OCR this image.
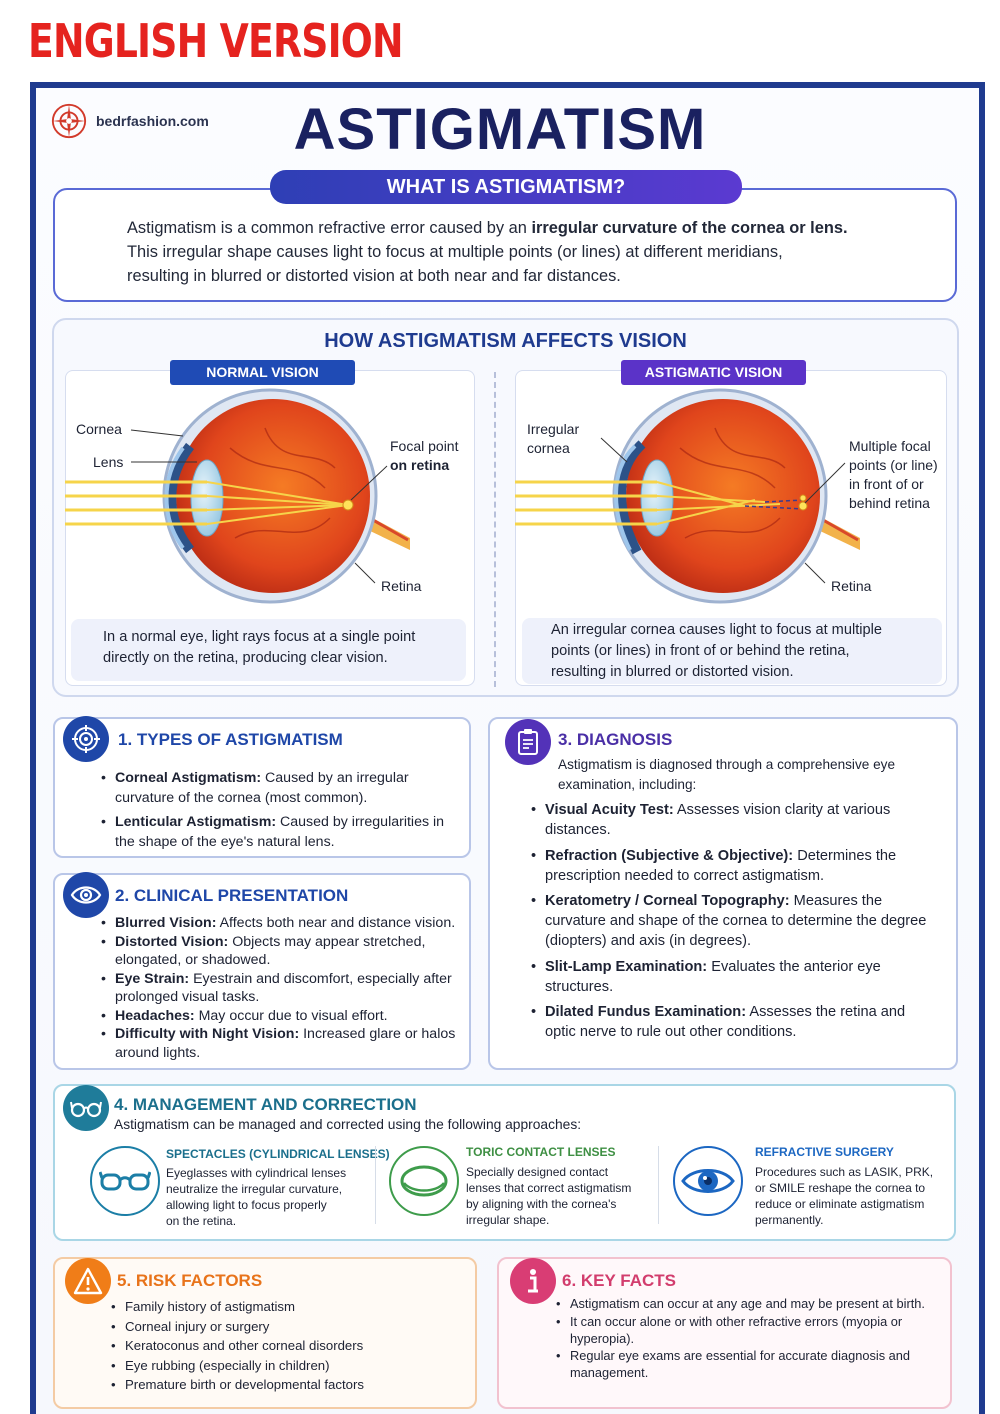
ENGLISH VERSION
bedrfashion.com	ASTIGMATISM
Astigmatism is a common refractive error caused by an irregular curvature of the cornea or lens.
This irregular shape causes light to focus at multiple points (or lines) at different meridians,
resulting in blurred or distorted vision at both near and far distances.
WHAT IS ASTIGMATISM?
HOW ASTIGMATISM AFFECTS VISION
NORMAL VISION	ASTIGMATIC VISION
Cornea
Lens
Focal point
on retina
Retina
In a normal eye, light rays focus at a single point
directly on the retina, producing clear vision.
Irregular
cornea	Multiple focal
points (or line)
in front of or
behind retina
Retina
An irregular cornea causes light to focus at multiple
points (or lines) in front of or behind the retina,
resulting in blurred or distorted vision.
1. TYPES OF ASTIGMATISM
• Corneal Astigmatism: Caused by an irregular curvature of the cornea (most common).
• Lenticular Astigmatism: Caused by irregularities in the shape of the eye's natural lens.
2. CLINICAL PRESENTATION
• Blurred Vision: Affects both near and distance vision.
• Distorted Vision: Objects may appear stretched, elongated, or shadowed.
• Eye Strain: Eyestrain and discomfort, especially after prolonged visual tasks.
• Headaches: May occur due to visual effort.
• Difficulty with Night Vision: Increased glare or halos around lights.
3. DIAGNOSIS
Astigmatism is diagnosed through a comprehensive eye examination, including:
• Visual Acuity Test: Assesses vision clarity at various distances.
• Refraction (Subjective & Objective): Determines the prescription needed to correct astigmatism.
• Keratometry / Corneal Topography: Measures the curvature and shape of the cornea to determine the degree (diopters) and axis (in degrees).
• Slit-Lamp Examination: Evaluates the anterior eye structures.
• Dilated Fundus Examination: Assesses the retina and optic nerve to rule out other conditions.
4. MANAGEMENT AND CORRECTION
Astigmatism can be managed and corrected using the following approaches:
SPECTACLES (CYLINDRICAL LENSES)
Eyeglasses with cylindrical lenses
neutralize the irregular curvature,
allowing light to focus properly
on the retina.
TORIC CONTACT LENSES
Specially designed contact
lenses that correct astigmatism
by aligning with the cornea's
irregular shape.
REFRACTIVE SURGERY
Procedures such as LASIK, PRK,
or SMILE reshape the cornea to
reduce or eliminate astigmatism
permanently.
5. RISK FACTORS
• Family history of astigmatism
• Corneal injury or surgery
• Keratoconus and other corneal disorders
• Eye rubbing (especially in children)
• Premature birth or developmental factors
6. KEY FACTS
• Astigmatism can occur at any age and may be present at birth.
• It can occur alone or with other refractive errors (myopia or hyperopia).
• Regular eye exams are essential for accurate diagnosis and management.
